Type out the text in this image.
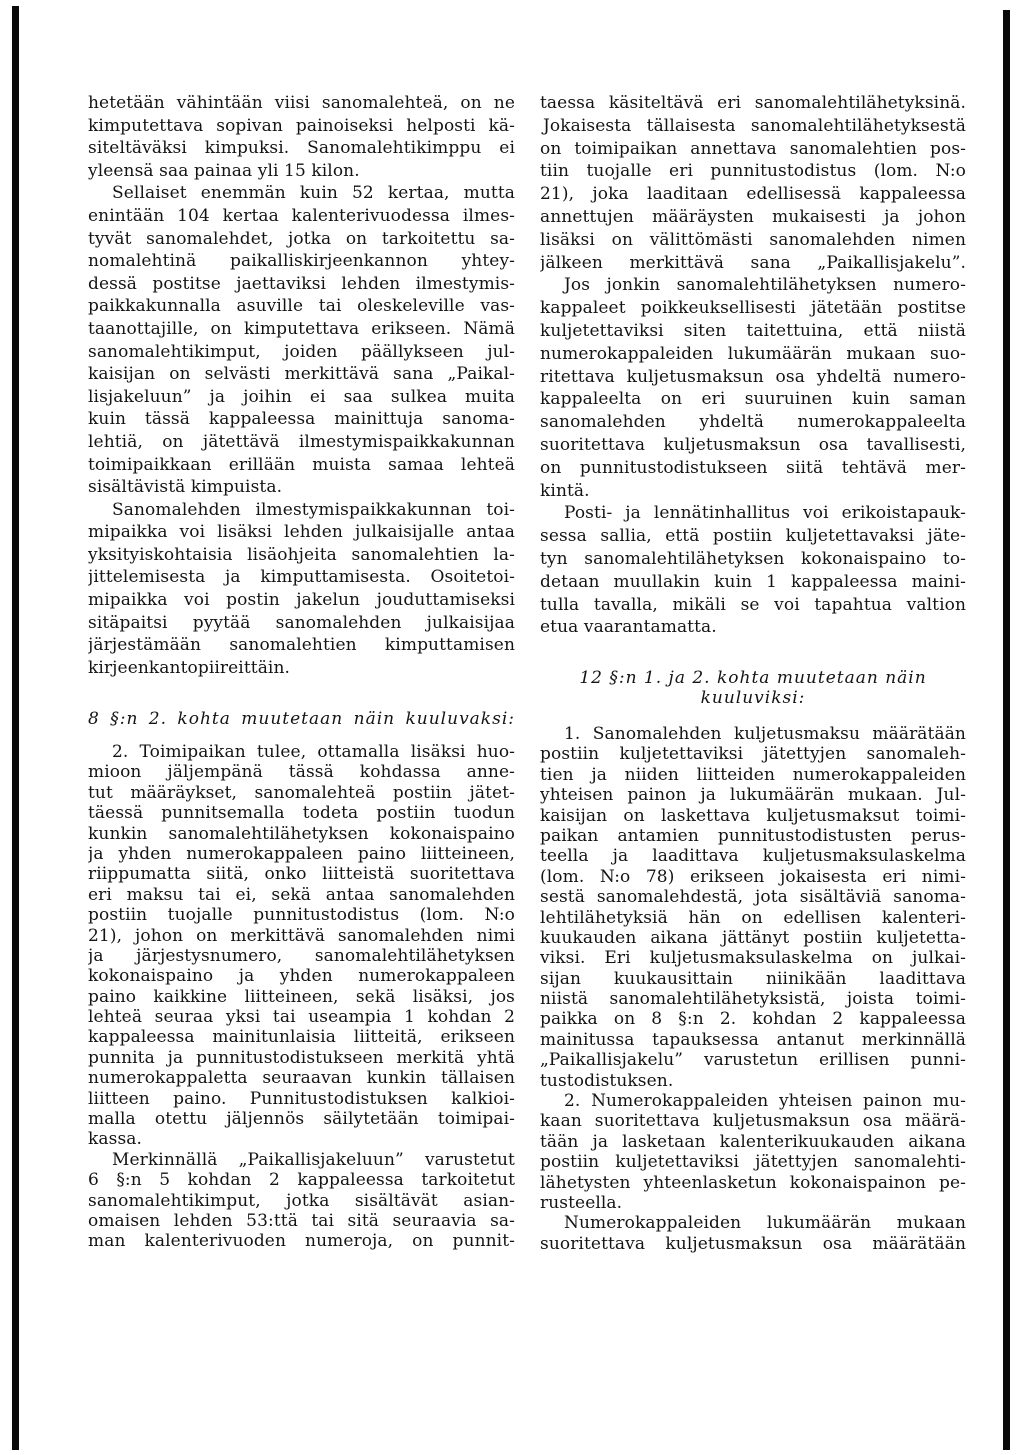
hetetään vähintään viisi sanomalehteä, on ne
kimputettava sopivan painoiseksi helposti kä-
siteltäväksi kimpuksi. Sanomalehtikimppu ei
yleensä saa painaa yli 15 kilon.
Sellaiset enemmän kuin 52 kertaa, mutta
enintään 104 kertaa kalenterivuodessa ilmes-
tyvät sanomalehdet, jotka on tarkoitettu sa-
nomalehtinä paikalliskirjeenkannon yhtey-
dessä postitse jaettaviksi lehden ilmestymis-
paikkakunnalla asuville tai oleskeleville vas-
taanottajille, on kimputettava erikseen. Nämä
sanomalehtikimput, joiden päällykseen jul-
kaisijan on selvästi merkittävä sana „Paikal-
lisjakeluun” ja joihin ei saa sulkea muita
kuin tässä kappaleessa mainittuja sanoma-
lehtiä, on jätettävä ilmestymispaikkakunnan
toimipaikkaan erillään muista samaa lehteä
sisältävistä kimpuista.
Sanomalehden ilmestymispaikkakunnan toi-
mipaikka voi lisäksi lehden julkaisijalle antaa
yksityiskohtaisia lisäohjeita sanomalehtien la-
jittelemisesta ja kimputtamisesta. Osoitetoi-
mipaikka voi postin jakelun jouduttamiseksi
sitäpaitsi pyytää sanomalehden julkaisijaa
järjestämään sanomalehtien kimputtamisen
kirjeenkantopiireittäin.
8 §:n 2. kohta muutetaan näin kuuluvaksi:
2. Toimipaikan tulee, ottamalla lisäksi huo-
mioon jäljempänä tässä kohdassa anne-
tut määräykset, sanomalehteä postiin jätet-
täessä punnitsemalla todeta postiin tuodun
kunkin sanomalehtilähetyksen kokonaispaino
ja yhden numerokappaleen paino liitteineen,
riippumatta siitä, onko liitteistä suoritettava
eri maksu tai ei, sekä antaa sanomalehden
postiin tuojalle punnitustodistus (lom. N:o
21), johon on merkittävä sanomalehden nimi
ja järjestysnumero, sanomalehtilähetyksen
kokonaispaino ja yhden numerokappaleen
paino kaikkine liitteineen, sekä lisäksi, jos
lehteä seuraa yksi tai useampia 1 kohdan 2
kappaleessa mainitunlaisia liitteitä, erikseen
punnita ja punnitustodistukseen merkitä yhtä
numerokappaletta seuraavan kunkin tällaisen
liitteen paino. Punnitustodistuksen kalkioi-
malla otettu jäljennös säilytetään toimipai-
kassa.
Merkinnällä „Paikallisjakeluun” varustetut
6 §:n 5 kohdan 2 kappaleessa tarkoitetut
sanomalehtikimput, jotka sisältävät asian-
omaisen lehden 53:ttä tai sitä seuraavia sa-
man kalenterivuoden numeroja, on punnit-
taessa käsiteltävä eri sanomalehtilähetyksinä.
Jokaisesta tällaisesta sanomalehtilähetyksestä
on toimipaikan annettava sanomalehtien pos-
tiin tuojalle eri punnitustodistus (lom. N:o
21), joka laaditaan edellisessä kappaleessa
annettujen määräysten mukaisesti ja johon
lisäksi on välittömästi sanomalehden nimen
jälkeen merkittävä sana „Paikallisjakelu”.
Jos jonkin sanomalehtilähetyksen numero-
kappaleet poikkeuksellisesti jätetään postitse
kuljetettaviksi siten taitettuina, että niistä
numerokappaleiden lukumäärän mukaan suo-
ritettava kuljetusmaksun osa yhdeltä numero-
kappaleelta on eri suuruinen kuin saman
sanomalehden yhdeltä numerokappaleelta
suoritettava kuljetusmaksun osa tavallisesti,
on punnitustodistukseen siitä tehtävä mer-
kintä.
Posti- ja lennätinhallitus voi erikoistapauk-
sessa sallia, että postiin kuljetettavaksi jäte-
tyn sanomalehtilähetyksen kokonaispaino to-
detaan muullakin kuin 1 kappaleessa maini-
tulla tavalla, mikäli se voi tapahtua valtion
etua vaarantamatta.
12 §:n 1. ja 2. kohta muutetaan näin
kuuluviksi:
1. Sanomalehden kuljetusmaksu määrätään
postiin kuljetettaviksi jätettyjen sanomaleh-
tien ja niiden liitteiden numerokappaleiden
yhteisen painon ja lukumäärän mukaan. Jul-
kaisijan on laskettava kuljetusmaksut toimi-
paikan antamien punnitustodistusten perus-
teella ja laadittava kuljetusmaksulaskelma
(lom. N:o 78) erikseen jokaisesta eri nimi-
sestä sanomalehdestä, jota sisältäviä sanoma-
lehtilähetyksiä hän on edellisen kalenteri-
kuukauden aikana jättänyt postiin kuljetetta-
viksi. Eri kuljetusmaksulaskelma on julkai-
sijan kuukausittain niinikään laadittava
niistä sanomalehtilähetyksistä, joista toimi-
paikka on 8 §:n 2. kohdan 2 kappaleessa
mainitussa tapauksessa antanut merkinnällä
„Paikallisjakelu” varustetun erillisen punni-
tustodistuksen.
2. Numerokappaleiden yhteisen painon mu-
kaan suoritettava kuljetusmaksun osa määrä-
tään ja lasketaan kalenterikuukauden aikana
postiin kuljetettaviksi jätettyjen sanomalehti-
lähetysten yhteenlasketun kokonaispainon pe-
rusteella.
Numerokappaleiden lukumäärän mukaan
suoritettava kuljetusmaksun osa määrätään
